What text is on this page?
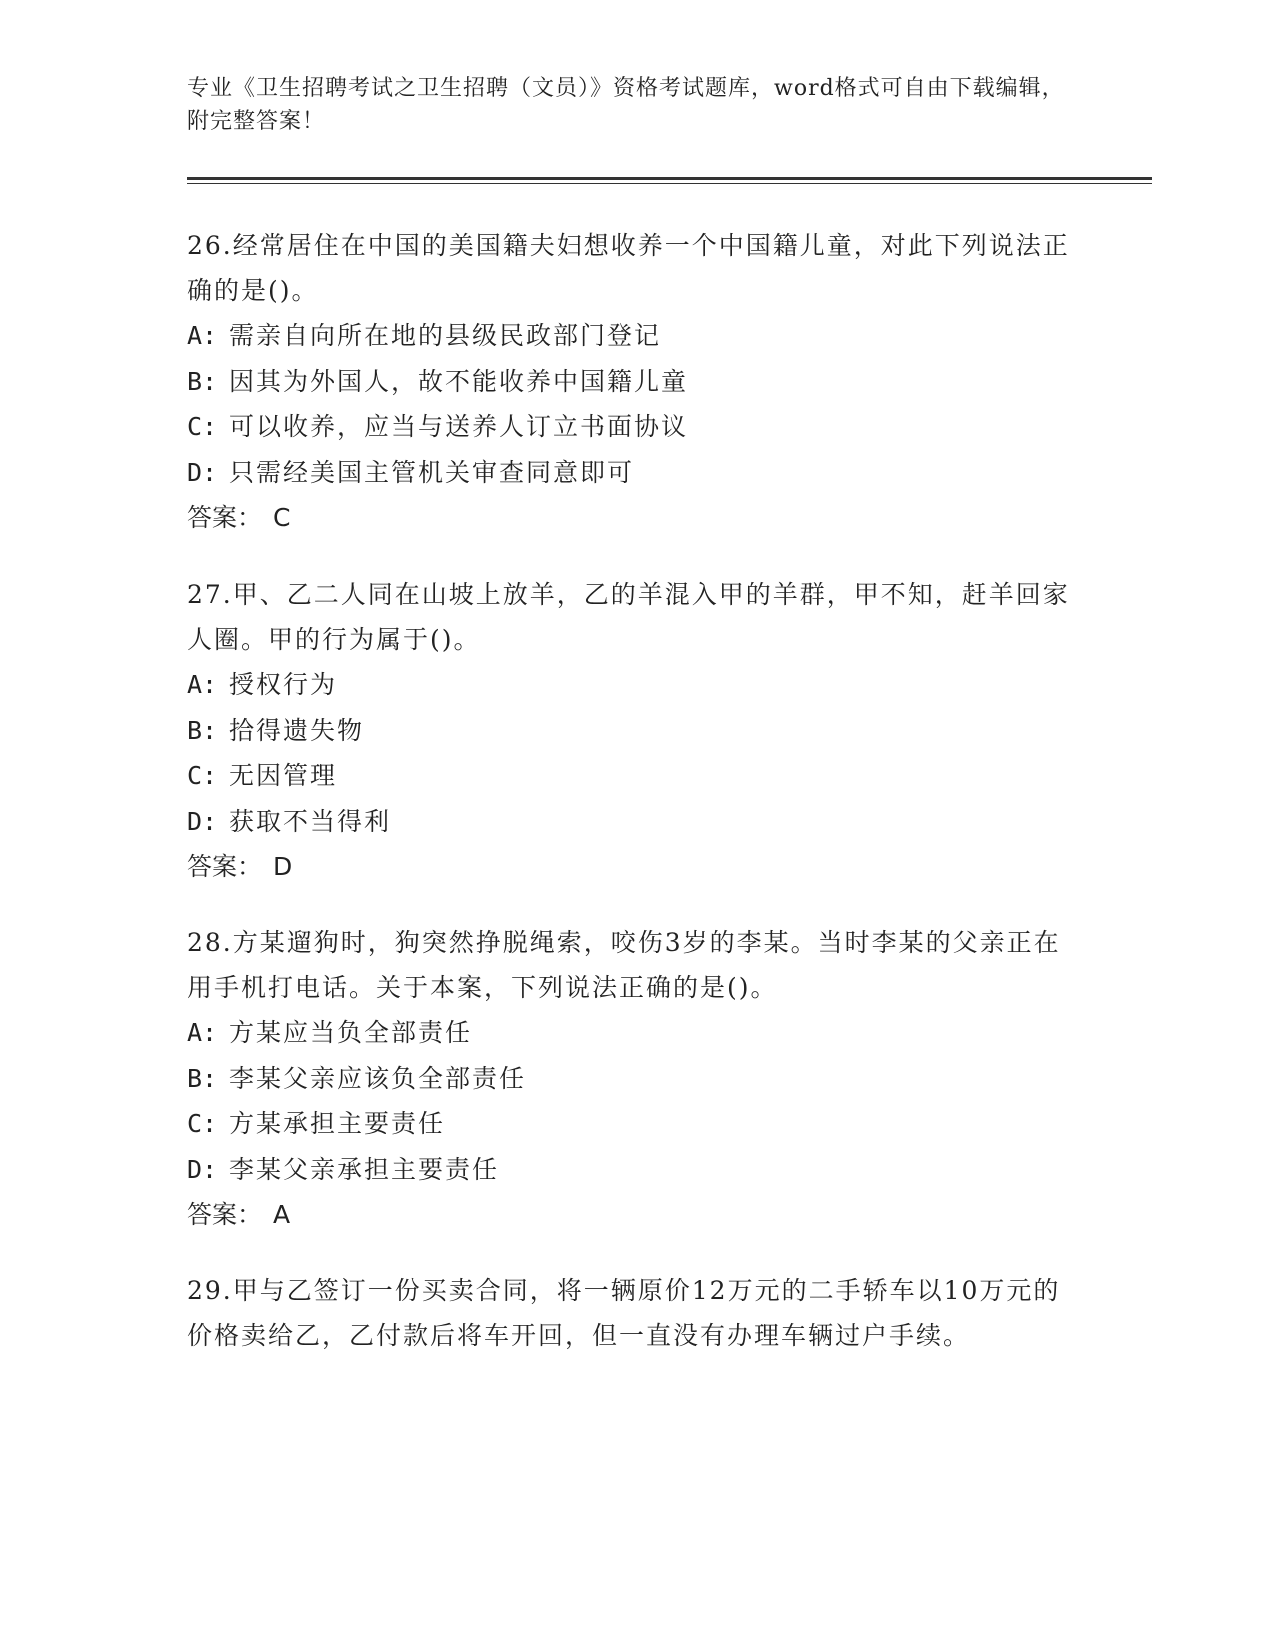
专业《卫生招聘考试之卫生招聘（文员）》资格考试题库，word格式可自由下载编辑，附完整答案！

26.经常居住在中国的美国籍夫妇想收养一个中国籍儿童，对此下列说法正确的是()。

A: 需亲自向所在地的县级民政部门登记

B: 因其为外国人，故不能收养中国籍儿童

C: 可以收养，应当与送养人订立书面协议

D: 只需经美国主管机关审查同意即可

答案： C

27.甲、乙二人同在山坡上放羊，乙的羊混入甲的羊群，甲不知，赶羊回家人圈。甲的行为属于()。

A: 授权行为

B: 拾得遗失物

C: 无因管理

D: 获取不当得利

答案： D

28.方某遛狗时，狗突然挣脱绳索，咬伤3岁的李某。当时李某的父亲正在用手机打电话。关于本案，下列说法正确的是()。

A: 方某应当负全部责任

B: 李某父亲应该负全部责任

C: 方某承担主要责任

D: 李某父亲承担主要责任

答案： A

29.甲与乙签订一份买卖合同，将一辆原价12万元的二手轿车以10万元的价格卖给乙，乙付款后将车开回，但一直没有办理车辆过户手续。
